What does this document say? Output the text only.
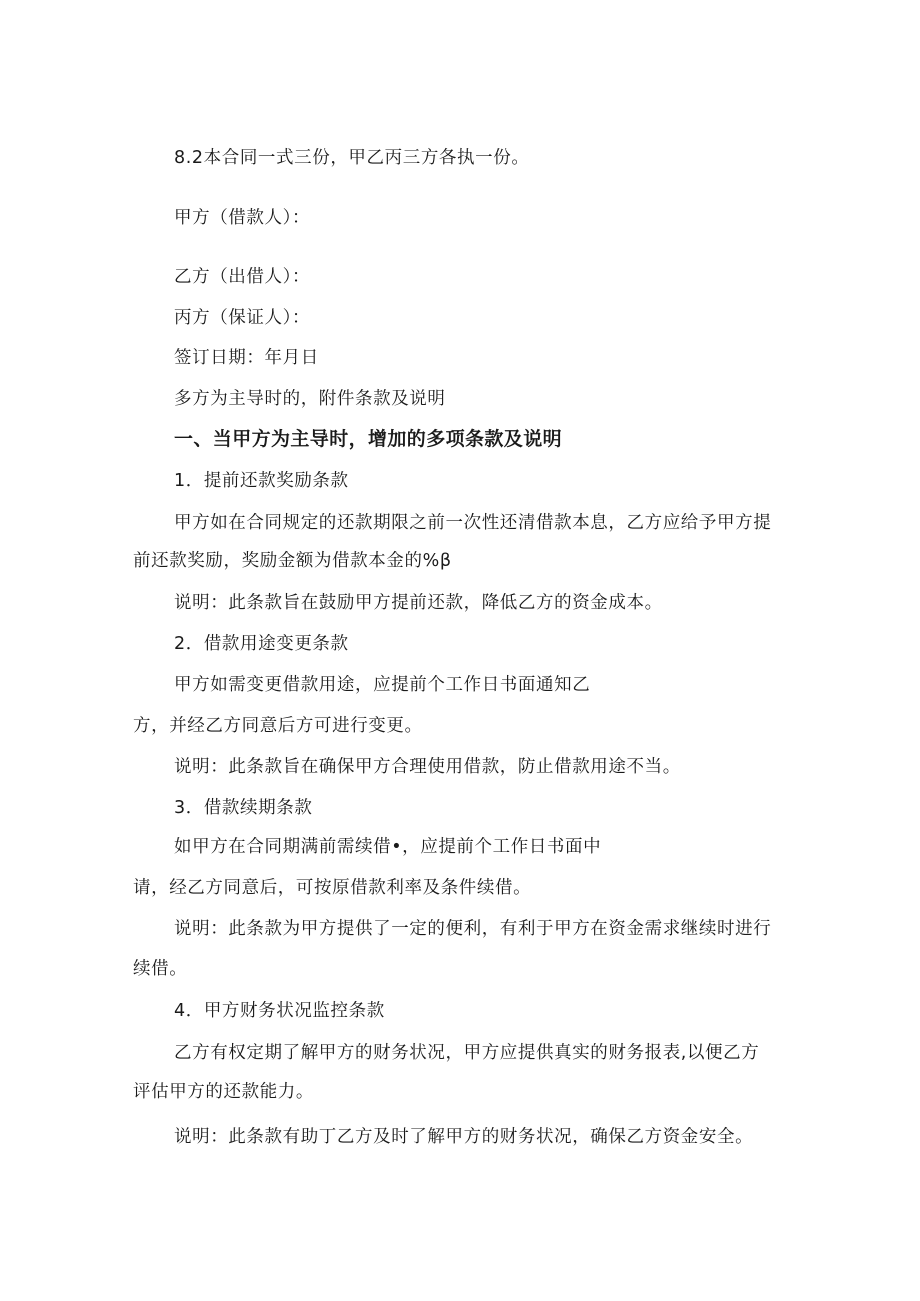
8.2本合同一式三份，甲乙丙三方各执一份。
甲方（借款人）：
乙方（出借人）：
丙方（保证人）：
签订日期：年月日
多方为主导时的，附件条款及说明
一、当甲方为主导时，增加的多项条款及说明
1．提前还款奖励条款
甲方如在合同规定的还款期限之前一次性还清借款本息，乙方应给予甲方提
前还款奖励，奖励金额为借款本金的%β
说明：此条款旨在鼓励甲方提前还款，降低乙方的资金成本。
2．借款用途变更条款
甲方如需变更借款用途，应提前个工作日书面通知乙
方，并经乙方同意后方可进行变更。
说明：此条款旨在确保甲方合理使用借款，防止借款用途不当。
3．借款续期条款
如甲方在合同期满前需续借•，应提前个工作日书面中
请，经乙方同意后，可按原借款利率及条件续借。
说明：此条款为甲方提供了一定的便利，有利于甲方在资金需求继续时进行
续借。
4．甲方财务状况监控条款
乙方有权定期了解甲方的财务状况，甲方应提供真实的财务报表,以便乙方
评估甲方的还款能力。
说明：此条款有助丁乙方及时了解甲方的财务状况，确保乙方资金安全。
